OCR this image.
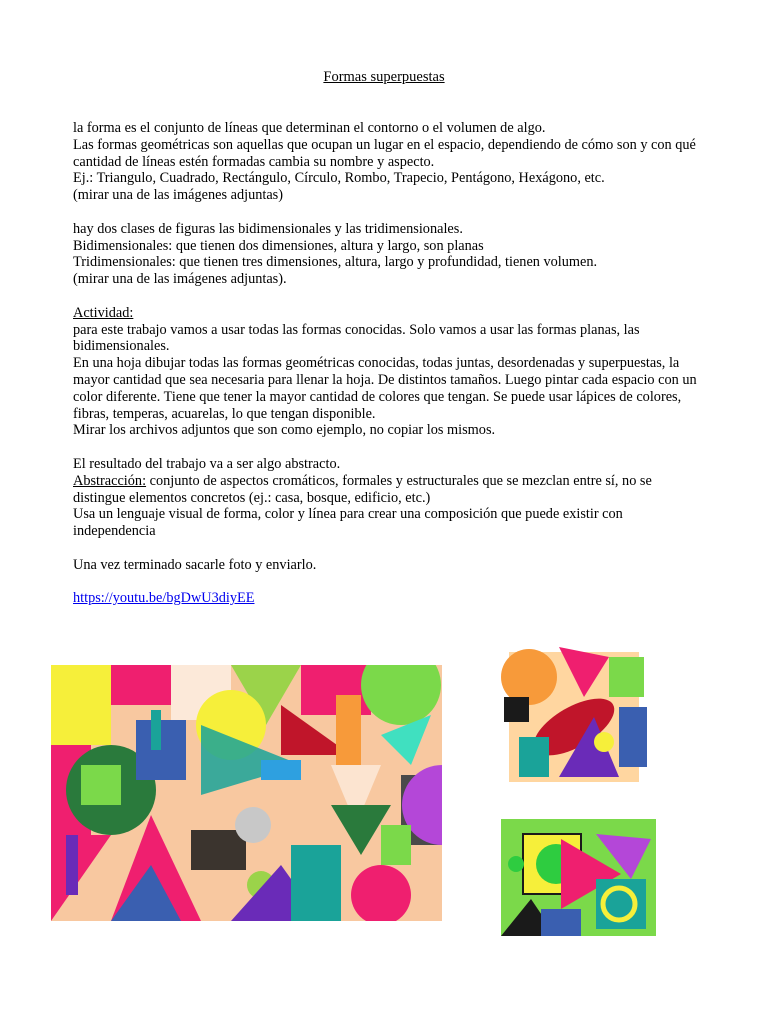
Formas superpuestas

la forma es el conjunto de líneas que determinan el contorno o el volumen de algo.

Las formas geométricas son aquellas que ocupan un lugar en el espacio, dependiendo de cómo son y con qué cantidad de líneas estén formadas cambia su nombre y aspecto.

Ej.: Triangulo, Cuadrado, Rectángulo, Círculo, Rombo, Trapecio, Pentágono, Hexágono, etc.

(mirar una de las imágenes adjuntas)

hay dos clases de figuras las bidimensionales y las tridimensionales.

Bidimensionales: que tienen dos dimensiones, altura y largo, son planas

Tridimensionales: que tienen tres dimensiones, altura, largo y profundidad, tienen volumen.

(mirar una de las imágenes adjuntas).

Actividad:

para este trabajo vamos a usar todas las formas conocidas. Solo vamos a usar las formas planas, las bidimensionales.

En una hoja dibujar todas las formas geométricas conocidas, todas juntas, desordenadas y superpuestas, la mayor cantidad que sea necesaria para llenar la hoja. De distintos tamaños. Luego pintar cada espacio con un color diferente. Tiene que tener la mayor cantidad de colores que tengan. Se puede usar lápices de colores, fibras, temperas, acuarelas, lo que tengan disponible.

Mirar los archivos adjuntos que son como ejemplo, no copiar los mismos.

El resultado del trabajo va a ser algo abstracto.

Abstracción: conjunto de aspectos cromáticos, formales y estructurales que se mezclan entre sí, no se distingue elementos concretos (ej.: casa, bosque, edificio, etc.)

Usa un lenguaje visual de forma, color y línea para crear una composición que puede existir con independencia

Una vez terminado sacarle foto y enviarlo.

https://youtu.be/bgDwU3diyEE
